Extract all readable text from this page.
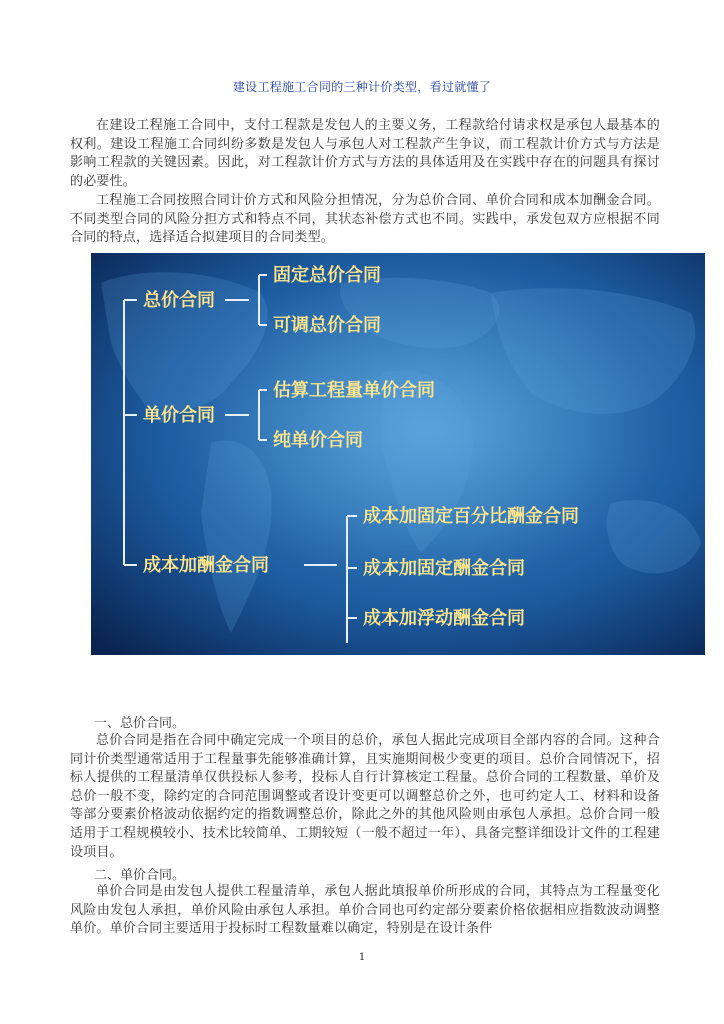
建设工程施工合同的三种计价类型，看过就懂了

在建设工程施工合同中，支付工程款是发包人的主要义务，工程款给付请求权是承包人最基本的权利。建设工程施工合同纠纷多数是发包人与承包人对工程款产生争议，而工程款计价方式与方法是影响工程款的关键因素。因此，对工程款计价方式与方法的具体适用及在实践中存在的问题具有探讨的必要性。

工程施工合同按照合同计价方式和风险分担情况，分为总价合同、单价合同和成本加酬金合同。不同类型合同的风险分担方式和特点不同，其状态补偿方式也不同。实践中，承发包双方应根据不同合同的特点，选择适合拟建项目的合同类型。

总价合同
固定总价合同
可调总价合同
单价合同
估算工程量单价合同
纯单价合同
成本加酬金合同
成本加固定百分比酬金合同
成本加固定酬金合同
成本加浮动酬金合同

一、总价合同。

总价合同是指在合同中确定完成一个项目的总价，承包人据此完成项目全部内容的合同。这种合同计价类型通常适用于工程量事先能够准确计算，且实施期间极少变更的项目。总价合同情况下，招标人提供的工程量清单仅供投标人参考，投标人自行计算核定工程量。总价合同的工程数量、单价及总价一般不变，除约定的合同范围调整或者设计变更可以调整总价之外，也可约定人工、材料和设备等部分要素价格波动依据约定的指数调整总价，除此之外的其他风险则由承包人承担。总价合同一般适用于工程规模较小、技术比较简单、工期较短（一般不超过一年）、具备完整详细设计文件的工程建设项目。

二、单价合同。

单价合同是由发包人提供工程量清单，承包人据此填报单价所形成的合同，其特点为工程量变化风险由发包人承担，单价风险由承包人承担。单价合同也可约定部分要素价格依据相应指数波动调整单价。单价合同主要适用于投标时工程数量难以确定，特别是在设计条件

1
